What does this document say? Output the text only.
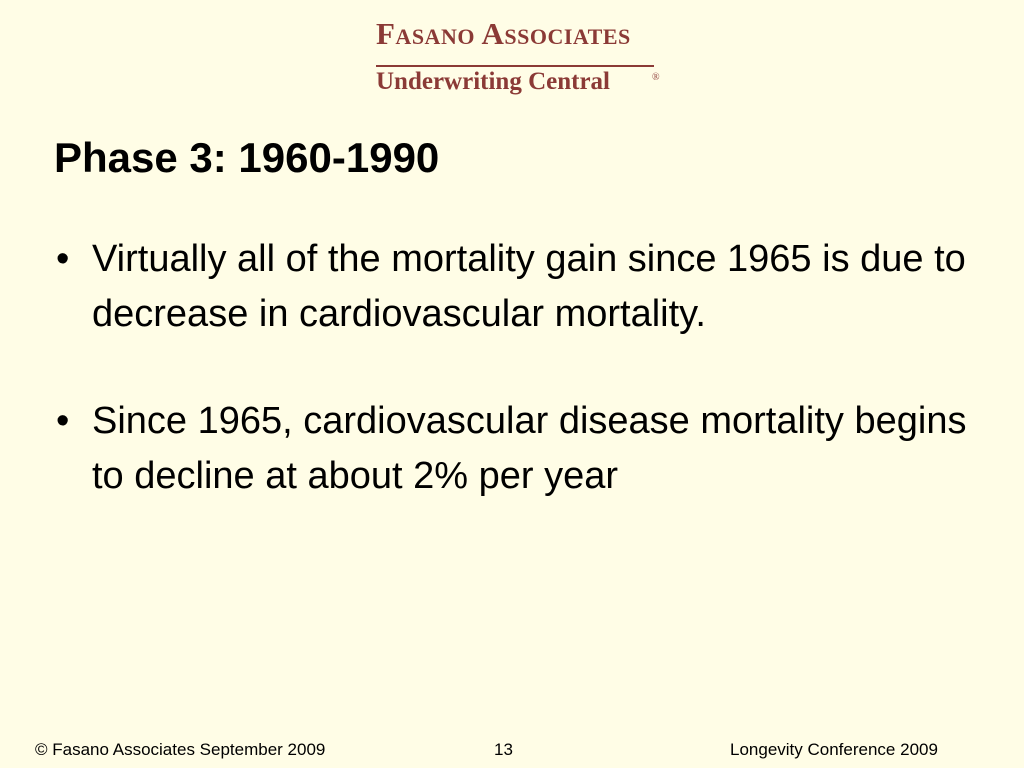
Fasano Associates
Underwriting Central	®
Phase 3: 1960-1990
• Virtually all of the mortality gain since 1965 is due to decrease in cardiovascular mortality.
• Since 1965, cardiovascular disease mortality begins to decline at about 2% per year
© Fasano Associates September 2009	13	Longevity Conference 2009
